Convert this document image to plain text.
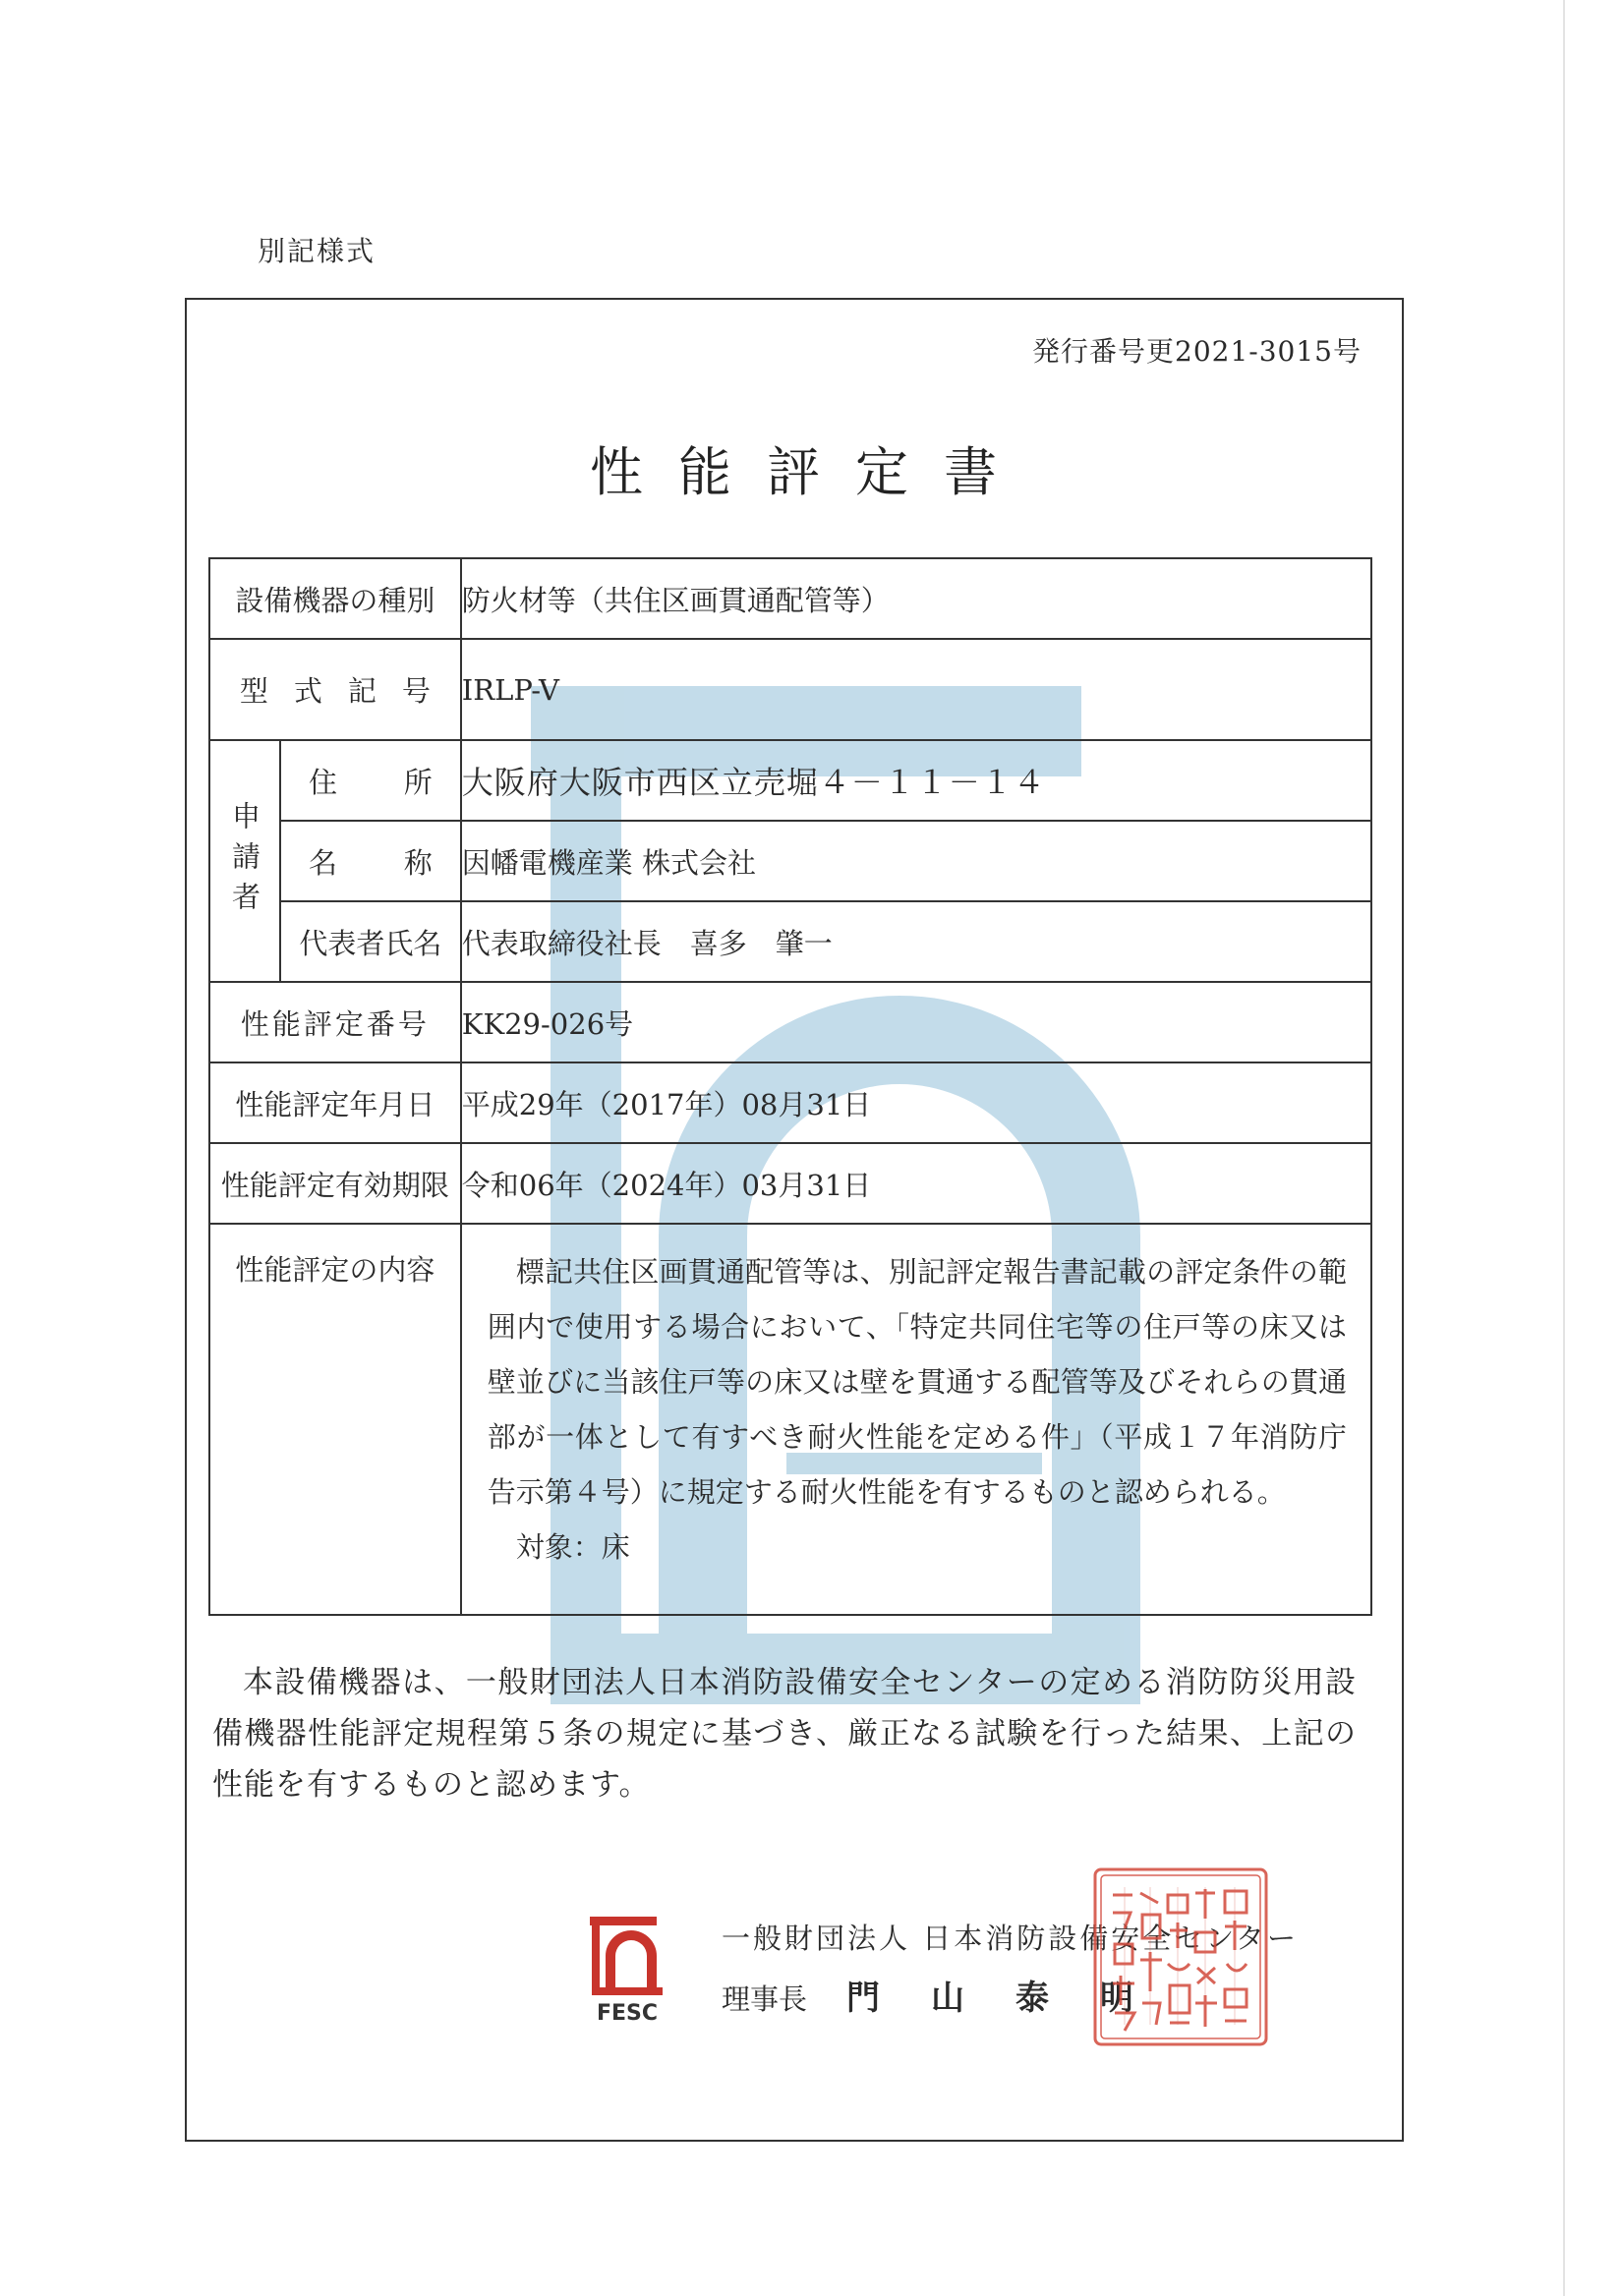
別記様式
発行番号更2021-3015号
性能評定書
設備機器の種別		防火材等（共住区画貫通配管等）
型式記号		IRLP-V

申請者	住 所	大阪府大阪市西区立売堀４－１１－１４

	名 称	因幡電機産業 株式会社
	代表者氏名	代表取締役社長　喜多　肇一
性能評定番号		KK29-026号
性能評定年月日		平成29年（2017年）08月31日
性能評定有効期限		令和06年（2024年）03月31日

性能評定の内容		標記共住区画貫通配管等は、別記評定報告書記載の評定条件の範囲内で使用する場合において、「特定共同住宅等の住戸等の床又は壁並びに当該住戸等の床又は壁を貫通する配管等及びそれらの貫通部が一体として有すべき耐火性能を定める件」（平成１７年消防庁告示第４号）に規定する耐火性能を有するものと認められる。

対象：床
本設備機器は、一般財団法人日本消防設備安全センターの定める消防防災用設備機器性能評定規程第５条の規定に基づき、厳正なる試験を行った結果、上記の性能を有するものと認めます。
FESC
一般財団法人 日本消防設備安全センター
理事長 門山泰明
